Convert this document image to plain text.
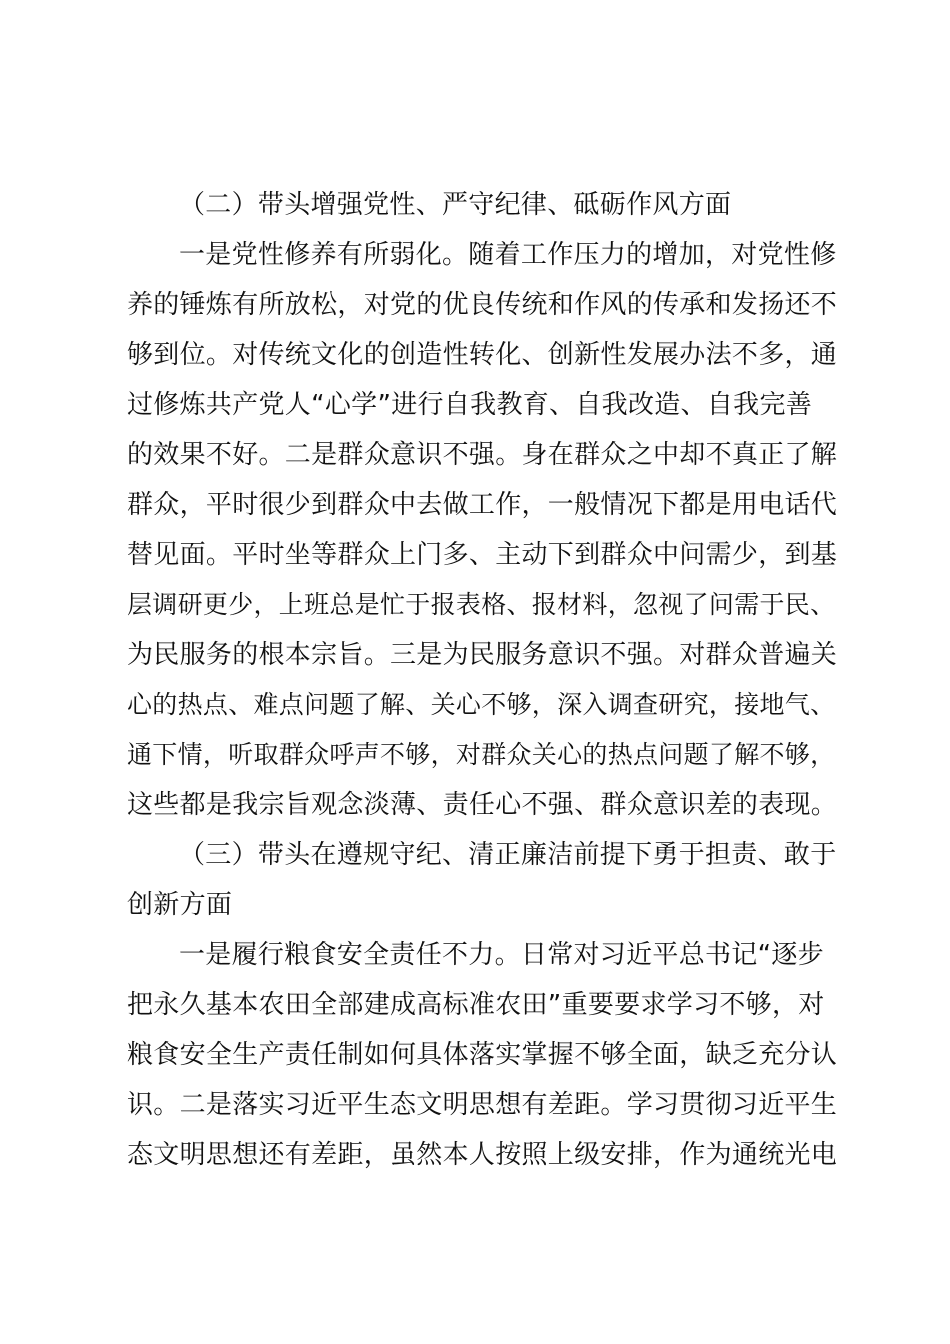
（二）带头增强党性、严守纪律、砥砺作风方面
一是党性修养有所弱化。随着工作压力的增加，对党性修
养的锤炼有所放松，对党的优良传统和作风的传承和发扬还不
够到位。对传统文化的创造性转化、创新性发展办法不多，通
过修炼共产党人“心学”进行自我教育、自我改造、自我完善
的效果不好。二是群众意识不强。身在群众之中却不真正了解
群众，平时很少到群众中去做工作，一般情况下都是用电话代
替见面。平时坐等群众上门多、主动下到群众中问需少，到基
层调研更少，上班总是忙于报表格、报材料，忽视了问需于民、
为民服务的根本宗旨。三是为民服务意识不强。对群众普遍关
心的热点、难点问题了解、关心不够，深入调查研究，接地气、
通下情，听取群众呼声不够，对群众关心的热点问题了解不够，
这些都是我宗旨观念淡薄、责任心不强、群众意识差的表现。
（三）带头在遵规守纪、清正廉洁前提下勇于担责、敢于
创新方面
一是履行粮食安全责任不力。日常对习近平总书记“逐步
把永久基本农田全部建成高标准农田”重要要求学习不够，对
粮食安全生产责任制如何具体落实掌握不够全面，缺乏充分认
识。二是落实习近平生态文明思想有差距。学习贯彻习近平生
态文明思想还有差距，虽然本人按照上级安排，作为通统光电
